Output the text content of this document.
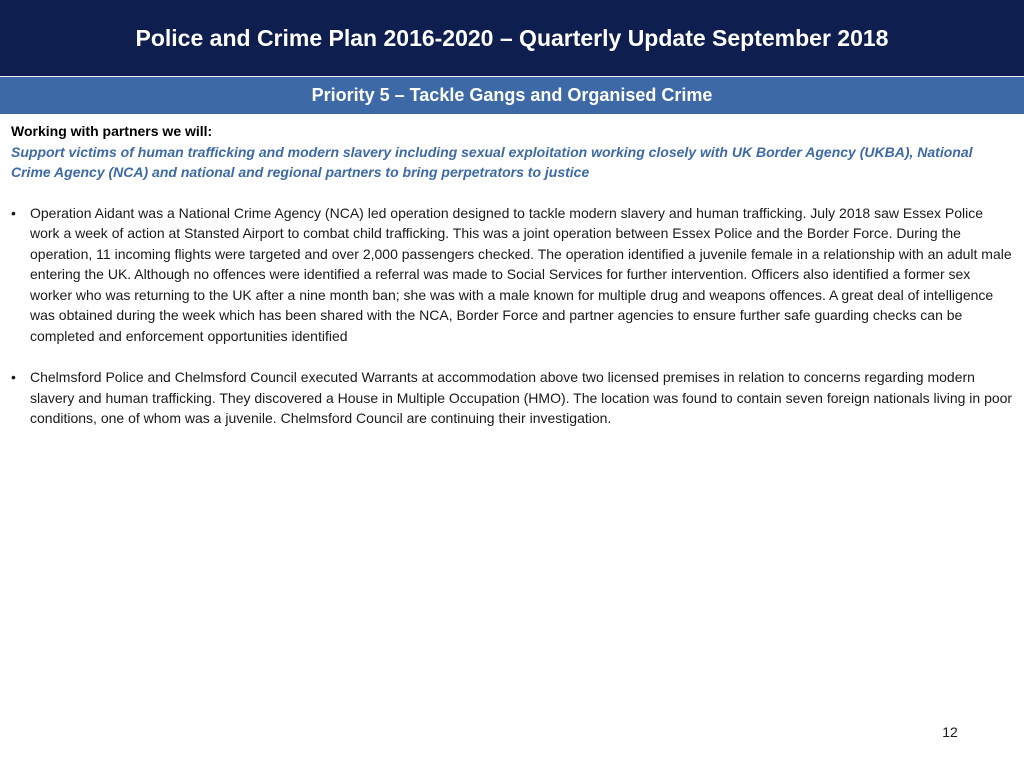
Police and Crime Plan 2016-2020 – Quarterly Update September 2018
Priority 5 – Tackle Gangs and Organised Crime
Working with partners we will:
Support victims of human trafficking and modern slavery including sexual exploitation working closely with UK Border Agency (UKBA), National Crime Agency (NCA) and national and regional partners to bring perpetrators to justice
• Operation Aidant was a National Crime Agency (NCA) led operation designed to tackle modern slavery and human trafficking. July 2018 saw Essex Police work a week of action at Stansted Airport to combat child trafficking. This was a joint operation between Essex Police and the Border Force. During the operation, 11 incoming flights were targeted and over 2,000 passengers checked. The operation identified a juvenile female in a relationship with an adult male entering the UK. Although no offences were identified a referral was made to Social Services for further intervention. Officers also identified a former sex worker who was returning to the UK after a nine month ban; she was with a male known for multiple drug and weapons offences. A great deal of intelligence was obtained during the week which has been shared with the NCA, Border Force and partner agencies to ensure further safe guarding checks can be completed and enforcement opportunities identified
• Chelmsford Police and Chelmsford Council executed Warrants at accommodation above two licensed premises in relation to concerns regarding modern slavery and human trafficking. They discovered a House in Multiple Occupation (HMO). The location was found to contain seven foreign nationals living in poor conditions, one of whom was a juvenile. Chelmsford Council are continuing their investigation.
12
